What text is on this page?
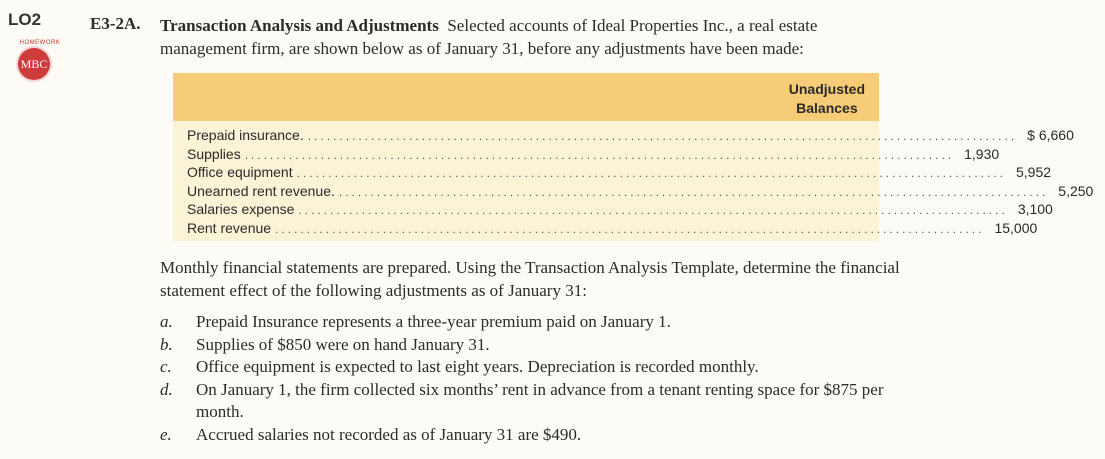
LO2
HOMEWORK
MBC
E3-2A. Transaction Analysis and Adjustments Selected accounts of Ideal Properties Inc., a real estate management firm, are shown below as of January 31, before any adjustments have been made:
Unadjusted
Balances
Prepaid insurance. ................................................................................................................ $ 6,660
Supplies ................................................................................................................ 1,930
Office equipment ................................................................................................................ 5,952
Unearned rent revenue. ................................................................................................................ 5,250
Salaries expense ................................................................................................................ 3,100
Rent revenue ................................................................................................................ 15,000
Monthly financial statements are prepared. Using the Transaction Analysis Template, determine the financial statement effect of the following adjustments as of January 31:
a.	Prepaid Insurance represents a three-year premium paid on January 1.
b.	Supplies of $850 were on hand January 31.
c.	Office equipment is expected to last eight years. Depreciation is recorded monthly.
d.	On January 1, the firm collected six months’ rent in advance from a tenant renting space for $875 per month.
e.	Accrued salaries not recorded as of January 31 are $490.
